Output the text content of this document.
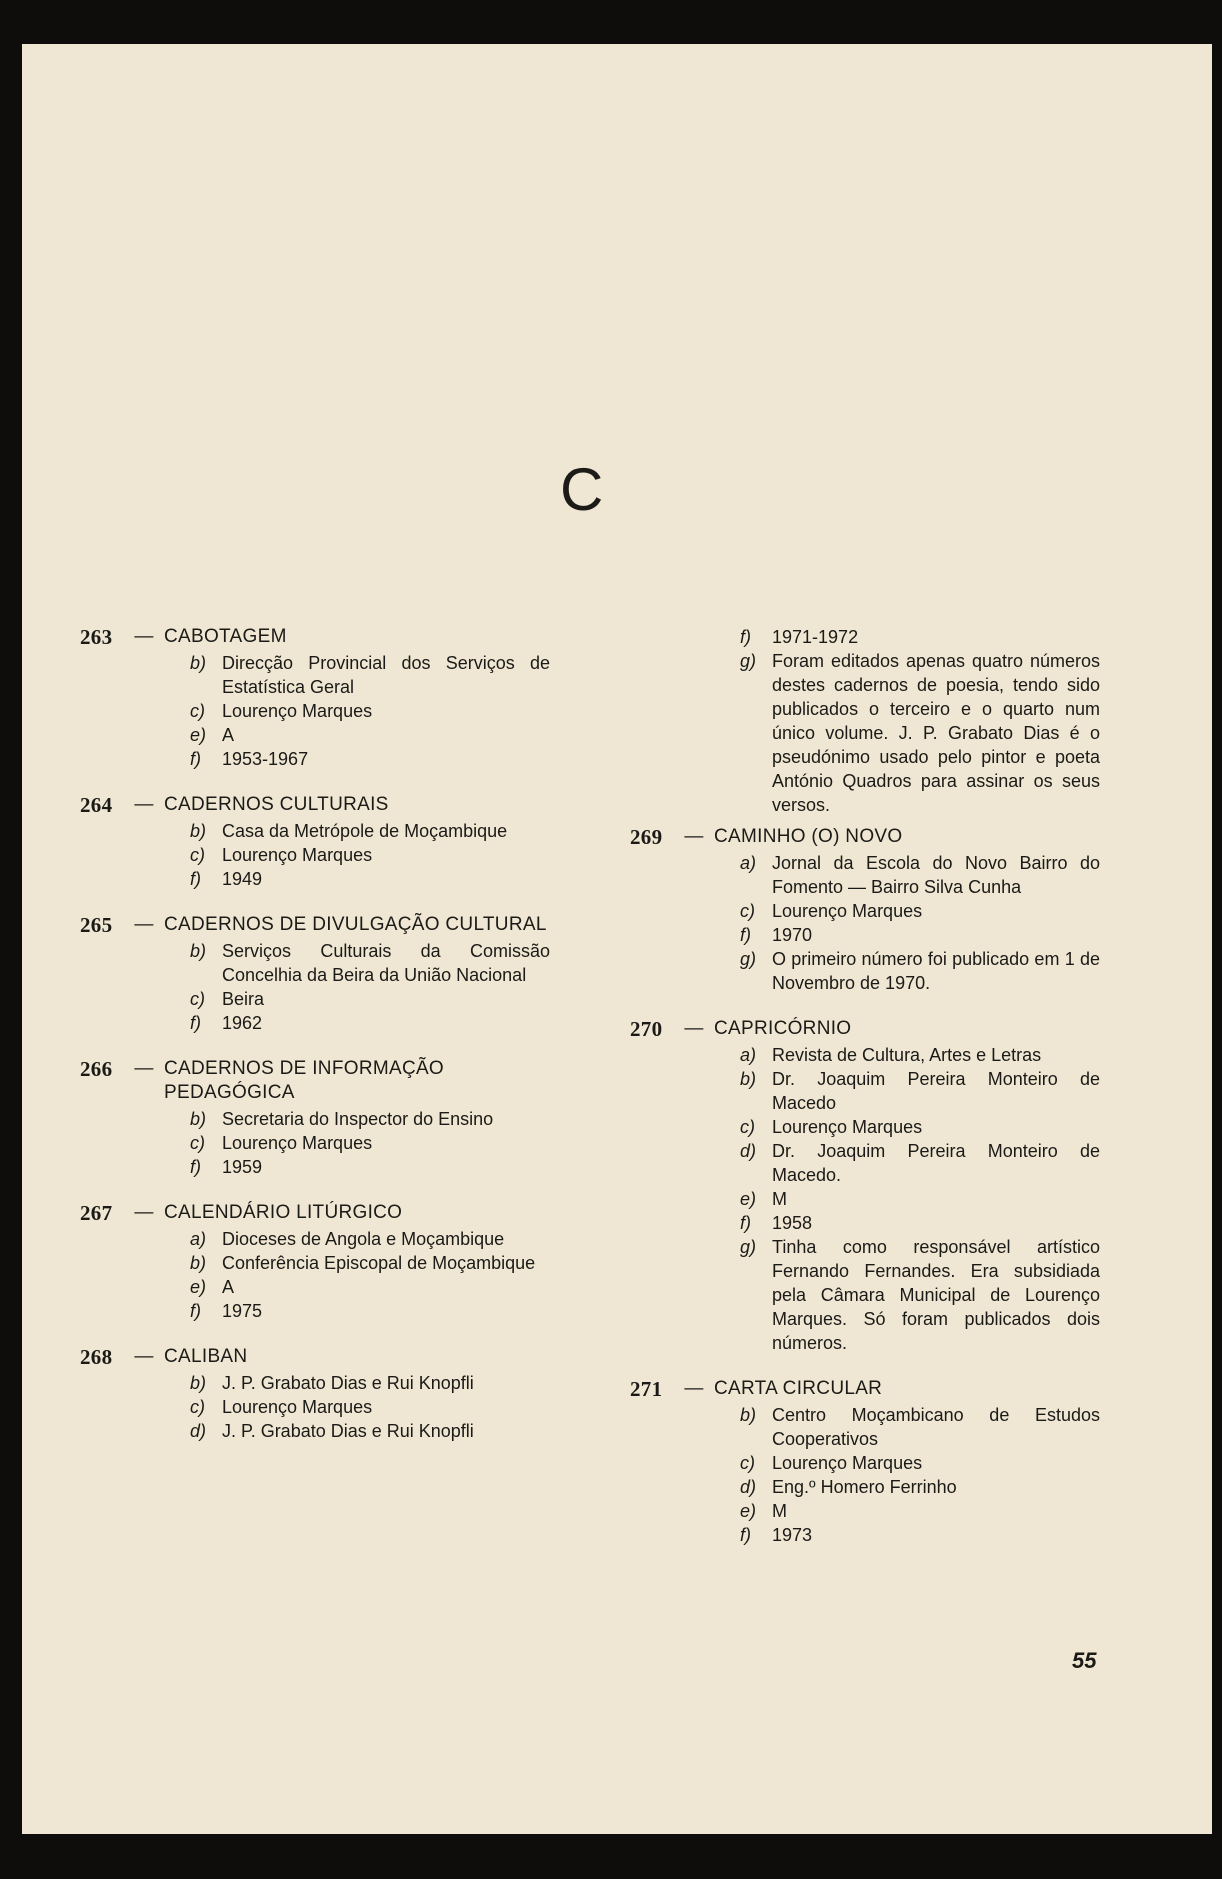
C
263	— CABOTAGEM
b) Direcção Provincial dos Serviços de Estatística Geral
c) Lourenço Marques
e) A
f)	1953-1967
264	— CADERNOS CULTURAIS
b) Casa da Metrópole de Moçambique
c) Lourenço Marques
f)	1949
265	— CADERNOS DE DIVULGAÇÃO CULTURAL
b) Serviços Culturais da Comissão Concelhia da Beira da União Nacional
c) Beira
f)	1962
266	— CADERNOS DE INFORMAÇÃO PEDAGÓGICA
b) Secretaria do Inspector do Ensino
c) Lourenço Marques
f)	1959
267	— CALENDÁRIO LITÚRGICO
a) Dioceses de Angola e Moçambique
b) Conferência Episcopal de Moçambique
e) A
f)	1975
268	— CALIBAN
b) J. P. Grabato Dias e Rui Knopfli
c) Lourenço Marques
d) J. P. Grabato Dias e Rui Knopfli
f)	1971-1972
g) Foram editados apenas quatro números destes cadernos de poesia, tendo sido publicados o terceiro e o quarto num único volume. J. P. Grabato Dias é o pseudónimo usado pelo pintor e poeta António Quadros para assinar os seus versos.
269	— CAMINHO (O) NOVO
a) Jornal da Escola do Novo Bairro do Fomento — Bairro Silva Cunha
c) Lourenço Marques
f)	1970
g) O primeiro número foi publicado em 1 de Novembro de 1970.
270	— CAPRICÓRNIO
a) Revista de Cultura, Artes e Letras
b) Dr. Joaquim Pereira Monteiro de Macedo
c) Lourenço Marques
d) Dr. Joaquim Pereira Monteiro de Macedo.
e) M
f)	1958
g) Tinha como responsável artístico Fernando Fernandes. Era subsidiada pela Câmara Municipal de Lourenço Marques. Só foram publicados dois números.
271	— CARTA CIRCULAR
b) Centro Moçambicano de Estudos Cooperativos
c) Lourenço Marques
d) Eng.º Homero Ferrinho
e) M
f)	1973
55
